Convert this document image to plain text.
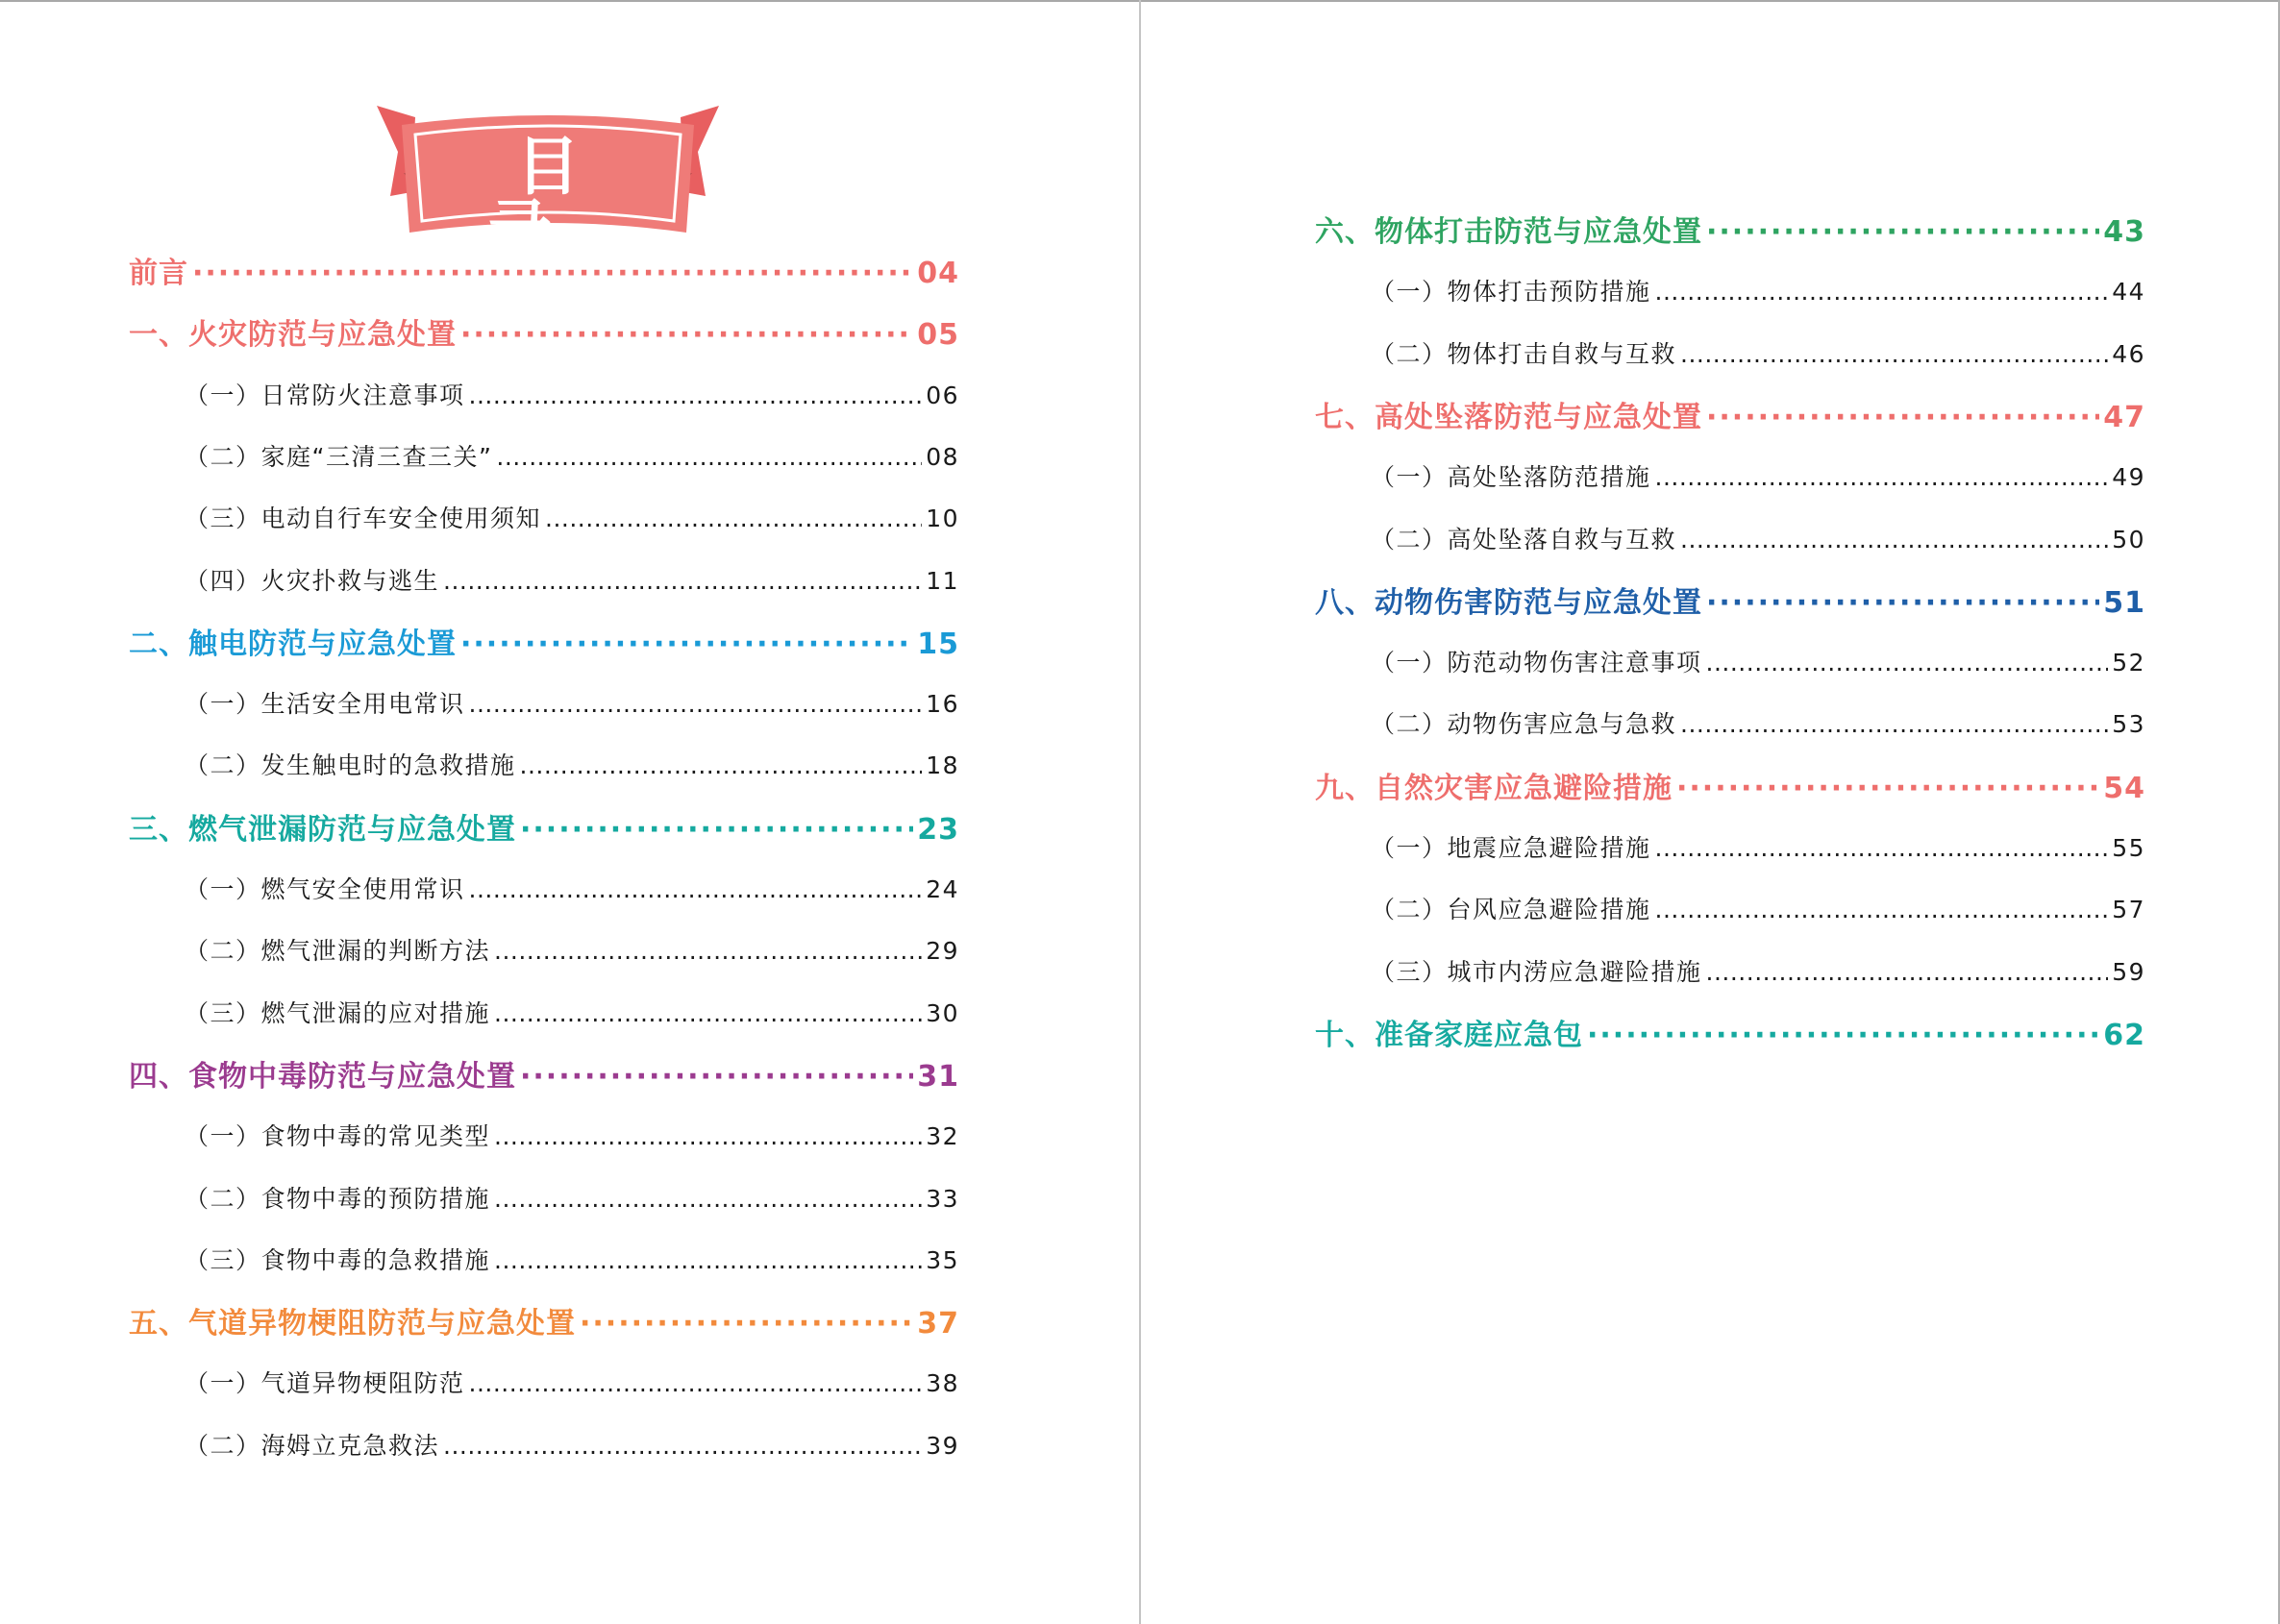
目 录
前言 ·····	04
一、火灾防范与应急处置 ·····	05
（一）日常防火注意事项 .....	06
（二）家庭“三清三查三关” .....	08
（三）电动自行车安全使用须知 .....	10
（四）火灾扑救与逃生 .....	11
二、触电防范与应急处置 ·····	15
（一）生活安全用电常识 .....	16
（二）发生触电时的急救措施 .....	18
三、燃气泄漏防范与应急处置 ·····	23
（一）燃气安全使用常识 .....	24
（二）燃气泄漏的判断方法 .....	29
（三）燃气泄漏的应对措施 .....	30
四、食物中毒防范与应急处置 ·····	31
（一）食物中毒的常见类型 .....	32
（二）食物中毒的预防措施 .....	33
（三）食物中毒的急救措施 .....	35
五、气道异物梗阻防范与应急处置 ·····	37
（一）气道异物梗阻防范 .....	38
（二）海姆立克急救法 .....	39
六、物体打击防范与应急处置 ·····	43
（一）物体打击预防措施 .....	44
（二）物体打击自救与互救 .....	46
七、高处坠落防范与应急处置 ·····	47
（一）高处坠落防范措施 .....	49
（二）高处坠落自救与互救 .....	50
八、动物伤害防范与应急处置 ·····	51
（一）防范动物伤害注意事项 .....	52
（二）动物伤害应急与急救 .....	53
九、自然灾害应急避险措施 ·····	54
（一）地震应急避险措施 .....	55
（二）台风应急避险措施 .....	57
（三）城市内涝应急避险措施 .....	59
十、准备家庭应急包 ·····	62
